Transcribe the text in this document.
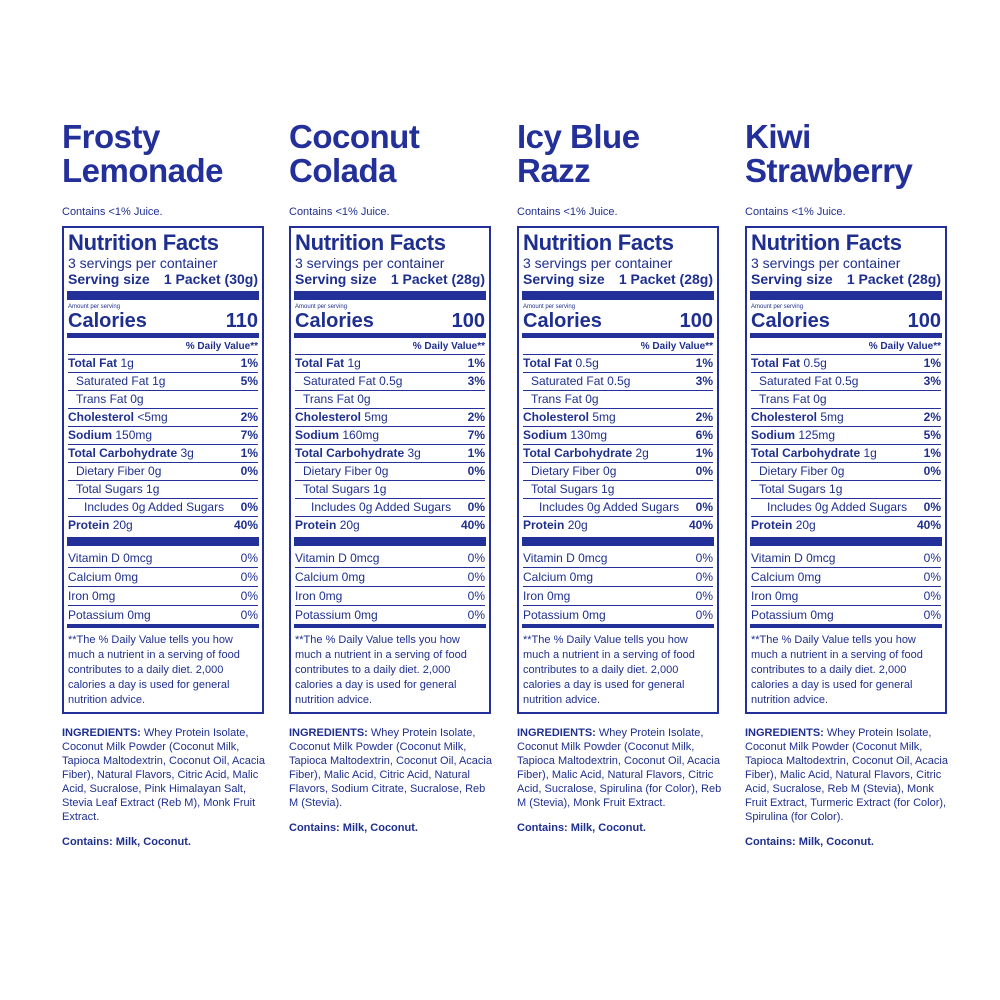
Frosty
Lemonade
Contains <1% Juice.
Nutrition Facts
3 servings per container
Serving size 1 Packet (30g)
Amount per serving
Calories	110
% Daily Value**
Total Fat 1g	1%
Saturated Fat 1g	5%
Trans Fat 0g
Cholesterol <5mg	2%
Sodium 150mg	7%
Total Carbohydrate 3g	1%
Dietary Fiber 0g	0%
Total Sugars 1g
Includes 0g Added Sugars 0%
Protein 20g	40%
Vitamin D 0mcg	0%
Calcium 0mg	0%
Iron 0mg	0%
Potassium 0mg	0%
**The % Daily Value tells you how much a nutrient in a serving of food contributes to a daily diet. 2,000 calories a day is used for general nutrition advice.
INGREDIENTS: Whey Protein Isolate, Coconut Milk Powder (Coconut Milk, Tapioca Maltodextrin, Coconut Oil, Acacia Fiber), Natural Flavors, Citric Acid, Malic Acid, Sucralose, Pink Himalayan Salt, Stevia Leaf Extract (Reb M), Monk Fruit Extract.
Contains: Milk, Coconut.
Coconut
Colada
Contains <1% Juice.
Nutrition Facts
3 servings per container
Serving size 1 Packet (28g)
Amount per serving
Calories	100
% Daily Value**
Total Fat 1g	1%
Saturated Fat 0.5g	3%
Trans Fat 0g
Cholesterol 5mg	2%
Sodium 160mg	7%
Total Carbohydrate 3g	1%
Dietary Fiber 0g	0%
Total Sugars 1g
Includes 0g Added Sugars 0%
Protein 20g	40%
Vitamin D 0mcg	0%
Calcium 0mg	0%
Iron 0mg	0%
Potassium 0mg	0%
**The % Daily Value tells you how much a nutrient in a serving of food contributes to a daily diet. 2,000 calories a day is used for general nutrition advice.
INGREDIENTS: Whey Protein Isolate, Coconut Milk Powder (Coconut Milk, Tapioca Maltodextrin, Coconut Oil, Acacia Fiber), Malic Acid, Citric Acid, Natural Flavors, Sodium Citrate, Sucralose, Reb M (Stevia).
Contains: Milk, Coconut.
Icy Blue
Razz
Contains <1% Juice.
Nutrition Facts
3 servings per container
Serving size 1 Packet (28g)
Amount per serving
Calories	100
% Daily Value**
Total Fat 0.5g	1%
Saturated Fat 0.5g	3%
Trans Fat 0g
Cholesterol 5mg	2%
Sodium 130mg	6%
Total Carbohydrate 2g	1%
Dietary Fiber 0g	0%
Total Sugars 1g
Includes 0g Added Sugars 0%
Protein 20g	40%
Vitamin D 0mcg	0%
Calcium 0mg	0%
Iron 0mg	0%
Potassium 0mg	0%
**The % Daily Value tells you how much a nutrient in a serving of food contributes to a daily diet. 2,000 calories a day is used for general nutrition advice.
INGREDIENTS: Whey Protein Isolate, Coconut Milk Powder (Coconut Milk, Tapioca Maltodextrin, Coconut Oil, Acacia Fiber), Malic Acid, Natural Flavors, Citric Acid, Sucralose, Spirulina (for Color), Reb M (Stevia), Monk Fruit Extract.
Contains: Milk, Coconut.
Kiwi
Strawberry
Contains <1% Juice.
Nutrition Facts
3 servings per container
Serving size 1 Packet (28g)
Amount per serving
Calories	100
% Daily Value**
Total Fat 0.5g	1%
Saturated Fat 0.5g	3%
Trans Fat 0g
Cholesterol 5mg	2%
Sodium 125mg	5%
Total Carbohydrate 1g	1%
Dietary Fiber 0g	0%
Total Sugars 1g
Includes 0g Added Sugars 0%
Protein 20g	40%
Vitamin D 0mcg	0%
Calcium 0mg	0%
Iron 0mg	0%
Potassium 0mg	0%
**The % Daily Value tells you how much a nutrient in a serving of food contributes to a daily diet. 2,000 calories a day is used for general nutrition advice.
INGREDIENTS: Whey Protein Isolate, Coconut Milk Powder (Coconut Milk, Tapioca Maltodextrin, Coconut Oil, Acacia Fiber), Malic Acid, Natural Flavors, Citric Acid, Sucralose, Reb M (Stevia), Monk Fruit Extract, Turmeric Extract (for Color), Spirulina (for Color).
Contains: Milk, Coconut.
